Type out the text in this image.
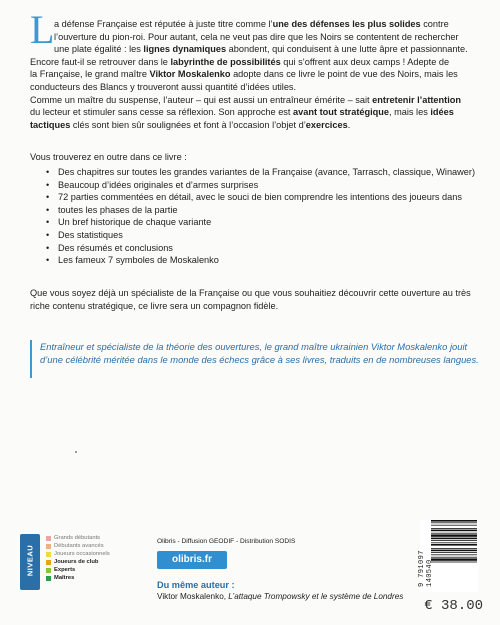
L a défense Française est réputée à juste titre comme l’une des défenses les plus solides contre

l’ouverture du pion-roi. Pour autant, cela ne veut pas dire que les Noirs se contentent de rechercher

une plate égalité : les lignes dynamiques abondent, qui conduisent à une lutte âpre et passionnante.

Encore faut-il se retrouver dans le labyrinthe de possibilités qui s’offrent aux deux camps ! Adepte de

la Française, le grand maître Viktor Moskalenko adopte dans ce livre le point de vue des Noirs, mais les

conducteurs des Blancs y trouveront aussi quantité d’idées utiles.

Comme un maître du suspense, l’auteur – qui est aussi un entraîneur émérite – sait entretenir l’attention

du lecteur et stimuler sans cesse sa réflexion. Son approche est avant tout stratégique, mais les idées

tactiques clés sont bien sûr soulignées et font à l’occasion l’objet d’exercices.

Vous trouverez en outre dans ce livre :
• Des chapitres sur toutes les grandes variantes de la Française (avance, Tarrasch, classique, Winawer)
• Beaucoup d’idées originales et d’armes surprises
• 72 parties commentées en détail, avec le souci de bien comprendre les intentions des joueurs dans
• toutes les phases de la partie
• Un bref historique de chaque variante
• Des statistiques
• Des résumés et conclusions
• Les fameux 7 symboles de Moskalenko

Que vous soyez déjà un spécialiste de la Française ou que vous souhaitiez découvrir cette ouverture au très

riche contenu stratégique, ce livre sera un compagnon fidèle.

Entraîneur et spécialiste de la théorie des ouvertures, le grand maître ukrainien Viktor Moskalenko jouit

d’une célébrité méritée dans le monde des échecs grâce à ses livres, traduits en de nombreuses langues.

NIVEAU
Grands débutants
Débutants avancés
Joueurs occasionnels
Joueurs de club
Experts
Maîtres
Olibris - Diffusion GEODIF - Distribution SODIS
olibris.fr
Du même auteur :
Viktor Moskalenko, L’attaque Trompowsky et le système de Londres
9 791097 140540
€ 38.00
